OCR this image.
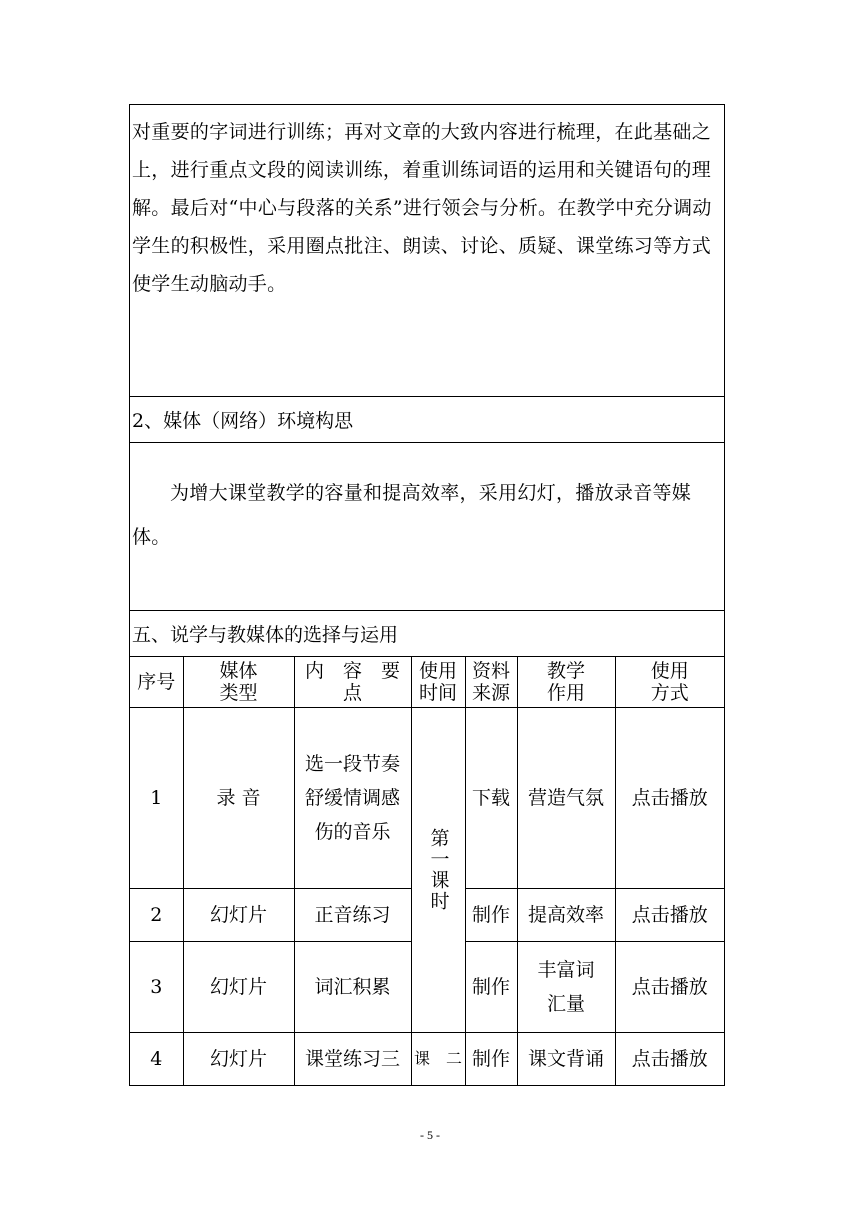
对重要的字词进行训练；再对文章的大致内容进行梳理，在此基础之上，进行重点文段的阅读训练，着重训练词语的运用和关键语句的理解。最后对“中心与段落的关系”进行领会与分析。在教学中充分调动学生的积极性，采用圈点批注、朗读、讨论、质疑、课堂练习等方式使学生动脑动手。

2、媒体（网络）环境构思

为增大课堂教学的容量和提高效率，采用幻灯，播放录音等媒体。

五、说学与教媒体的选择与运用
序号	媒体类型	内　容　要点	使用时间	资料来源	教学作用	使用方式

1	录 音	选一段节奏舒缓情调感伤的音乐	第一课时	下载	营造气氛	点击播放
2	幻灯片	正音练习		制作	提高效率	点击播放
3	幻灯片	词汇积累		制作	丰富词汇量	点击播放
4	幻灯片	课堂练习三	课　二	制作	课文背诵	点击播放
- 5 -
